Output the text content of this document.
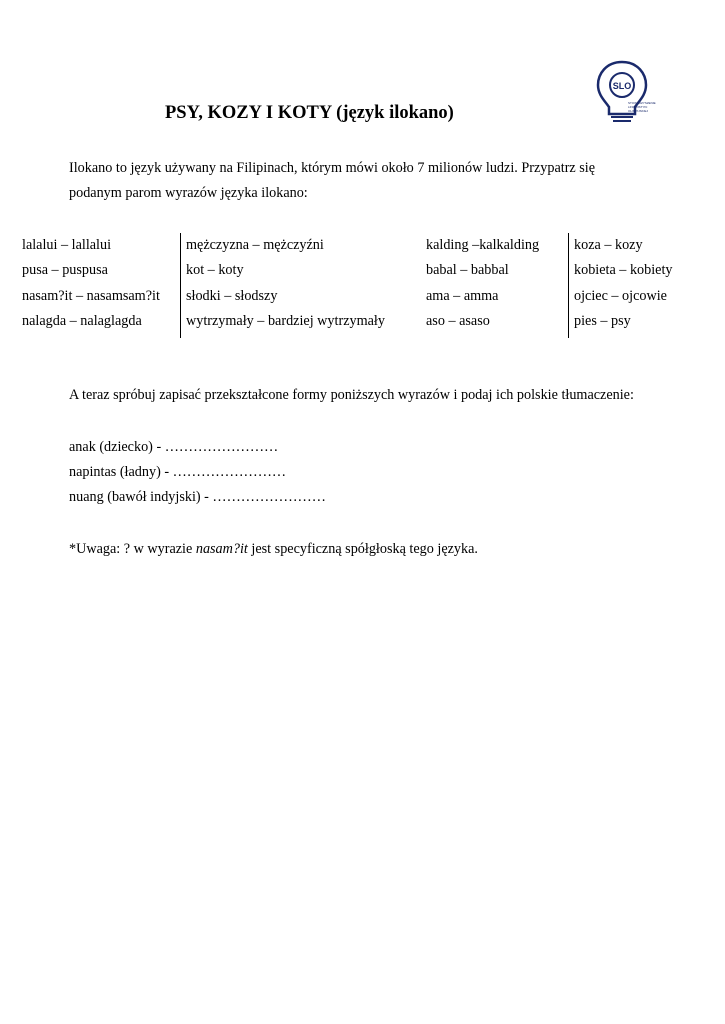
PSY, KOZY I KOTY (język ilokano)
SLO
STOWARZYSZENIE
LINGWISTYKI
OLIMPIJSKIEJ
Ilokano to język używany na Filipinach, którym mówi około 7 milionów ludzi. Przypatrz się
podanym parom wyrazów języka ilokano:
lalalui – lallalui
pusa – puspusa
nasam?it – nasamsam?it
nalagda – nalaglagda
mężczyzna – mężczyźni
kot – koty
słodki – słodszy
wytrzymały – bardziej wytrzymały
kalding –kalkalding
babal – babbal
ama – amma
aso – asaso
koza – kozy
kobieta – kobiety
ojciec – ojcowie
pies – psy
A teraz spróbuj zapisać przekształcone formy poniższych wyrazów i podaj ich polskie tłumaczenie:
anak (dziecko) - ……………………
napintas (ładny) - ……………………
nuang (bawół indyjski) - ……………………
*Uwaga: ? w wyrazie nasam?it jest specyficzną spółgłoską tego języka.
